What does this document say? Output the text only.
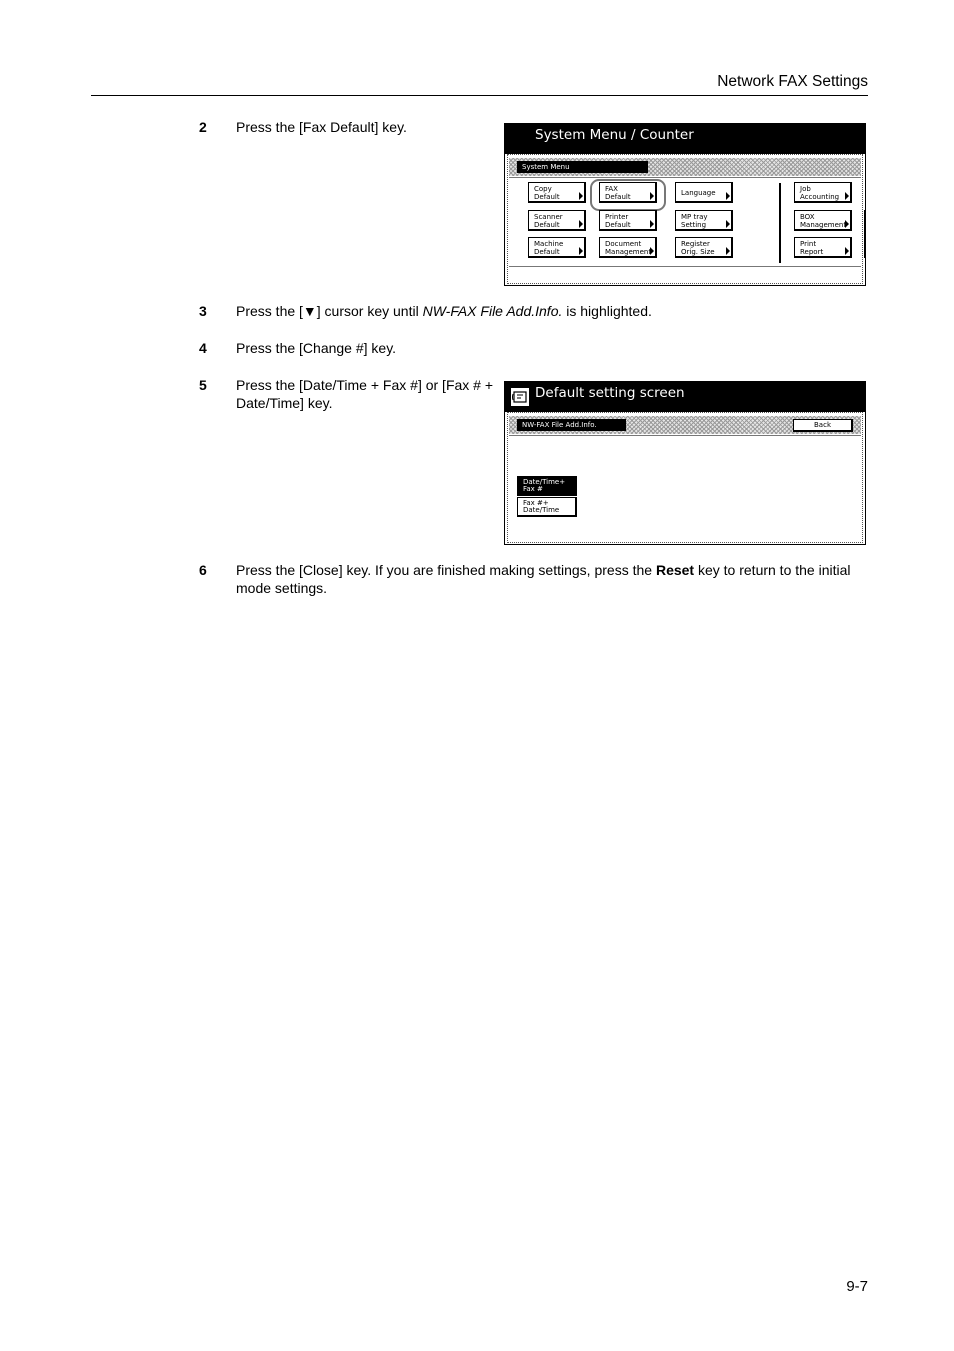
Network FAX Settings
2 Press the [Fax Default] key.	System Menu / Counter
System Menu
Copy
Default
FAX
Default	Language	Job
Accounting
Scanner
Default
Printer
Default
MP tray
Setting
BOX
Management
Machine
Default
Document
Management
Register
Orig. Size
Print
Report
3 Press the [▼] cursor key until NW-FAX File Add.Info. is highlighted.
4 Press the [Change #] key.
5 Press the [Date/Time + Fax #] or [Fax # + Date/Time] key.
Default setting screen
NW-FAX File Add.Info.	Back
Date/Time+
Fax #
Fax #+
Date/Time
6 Press the [Close] key. If you are finished making settings, press the Reset key to return to the initial mode settings.
9-7
